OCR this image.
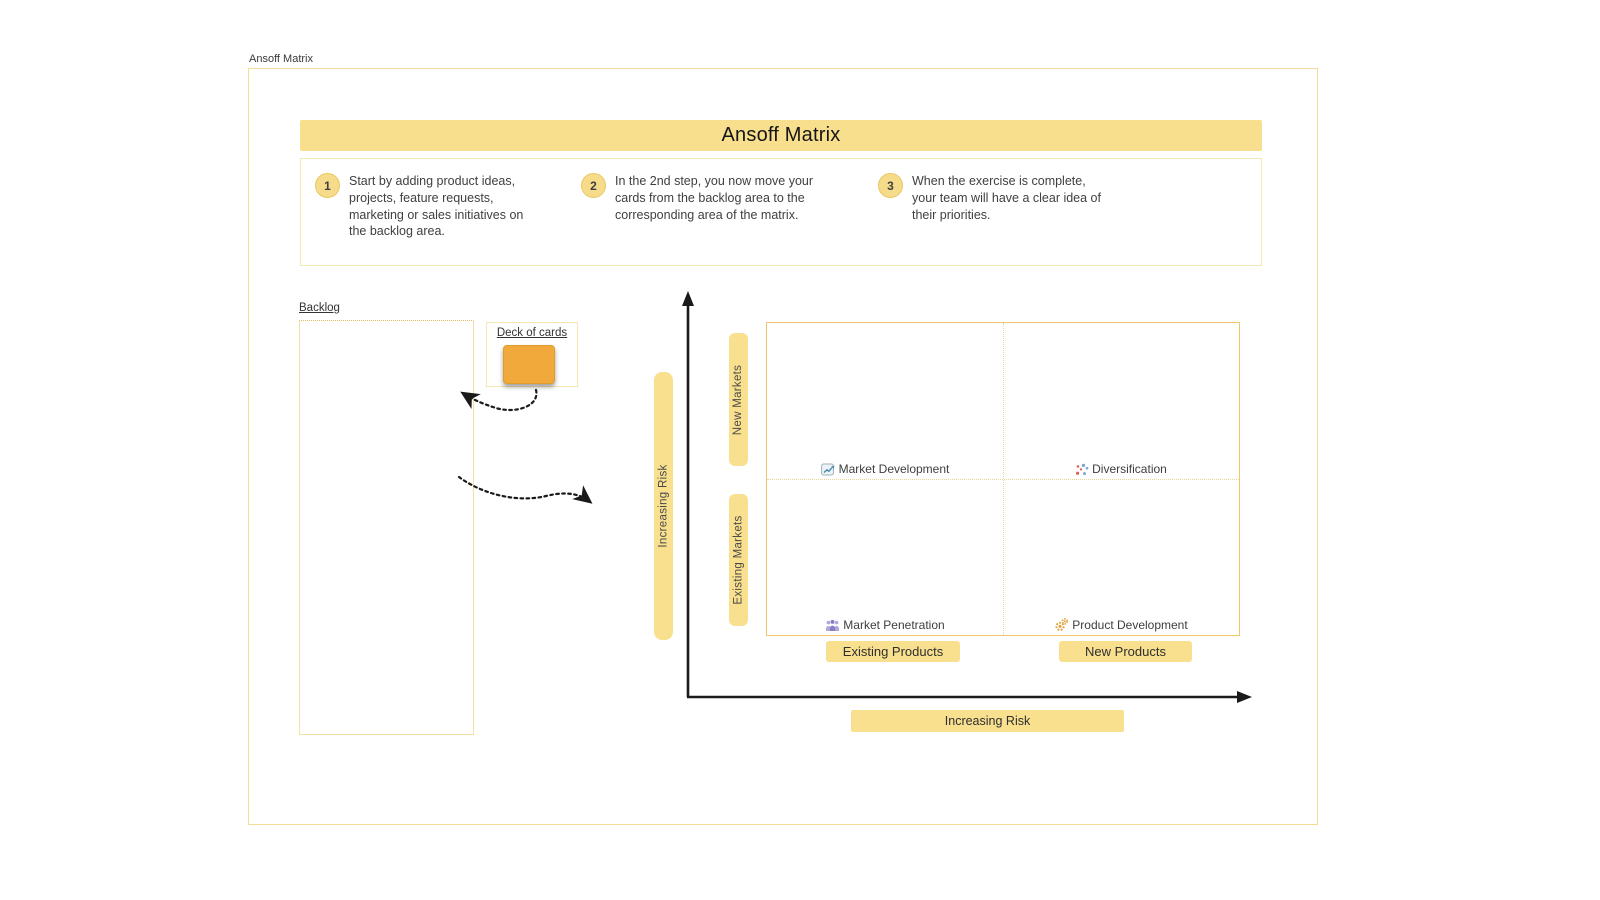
Ansoff Matrix
Ansoff Matrix
1	Start by adding product ideas, projects, feature requests, marketing or sales initiatives on the backlog area.
2	In the 2nd step, you now move your cards from the backlog area to the corresponding area of the matrix.
3	When the exercise is complete, your team will have a clear idea of their priorities.
Backlog
Deck of cards
Increasing Risk
New Markets
Existing Markets
Market Development	Diversification
Market Penetration	Product Development
Existing Products	New Products
Increasing Risk
